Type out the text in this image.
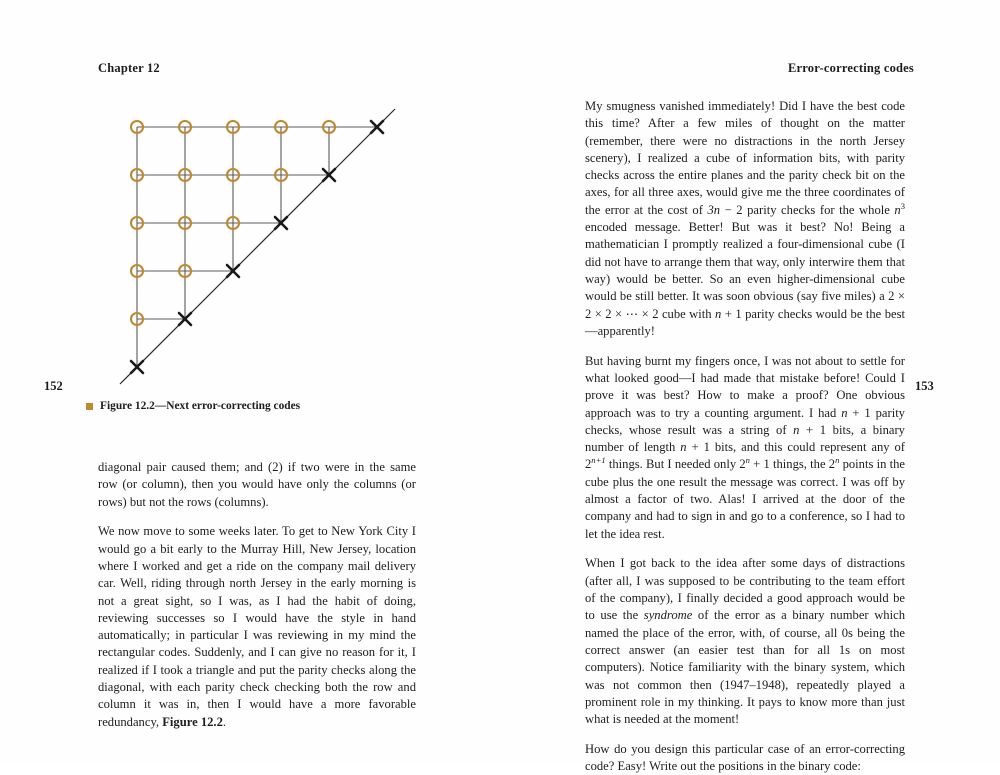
Chapter 12	Error-correcting codes
152	153
Figure 12.2—Next error-correcting codes

diagonal pair caused them; and (2) if two were in the same row (or column), then you would have only the columns (or rows) but not the rows (columns).

We now move to some weeks later. To get to New York City I would go a bit early to the Murray Hill, New Jersey, location where I worked and get a ride on the company mail delivery car. Well, riding through north Jersey in the early morning is not a great sight, so I was, as I had the habit of doing, reviewing successes so I would have the style in hand automatically; in particular I was reviewing in my mind the rectangular codes. Suddenly, and I can give no reason for it, I realized if I took a triangle and put the parity checks along the diagonal, with each parity check checking both the row and column it was in, then I would have a more favorable redundancy, Figure 12.2.

My smugness vanished immediately! Did I have the best code this time? After a few miles of thought on the matter (remember, there were no distractions in the north Jersey scenery), I realized a cube of information bits, with parity checks across the entire planes and the parity check bit on the axes, for all three axes, would give me the three coordinates of the error at the cost of 3n − 2 parity checks for the whole $n^3$ encoded message. Better! But was it best? No! Being a mathematician I promptly realized a four-dimensional cube (I did not have to arrange them that way, only interwire them that way) would be better. So an even higher-dimensional cube would be still better. It was soon obvious (say five miles) a 2 × 2 × 2 × ⋯ × 2 cube with n + 1 parity checks would be the best—apparently!

But having burnt my fingers once, I was not about to settle for what looked good—I had made that mistake before! Could I prove it was best? How to make a proof? One obvious approach was to try a counting argument. I had n + 1 parity checks, whose result was a string of n + 1 bits, a binary number of length n + 1 bits, and this could represent any of $2^{n+1}$ things. But I needed only $2^n + 1$ things, the 2$^n$ points in the cube plus the one result the message was correct. I was off by almost a factor of two. Alas! I arrived at the door of the company and had to sign in and go to a conference, so I had to let the idea rest.

When I got back to the idea after some days of distractions (after all, I was supposed to be contributing to the team effort of the company), I finally decided a good approach would be to use the syndrome of the error as a binary number which named the place of the error, with, of course, all 0s being the correct answer (an easier test than for all 1s on most computers). Notice familiarity with the binary system, which was not common then (1947–1948), repeatedly played a prominent role in my thinking. It pays to know more than just what is needed at the moment!

How do you design this particular case of an error-correcting code? Easy! Write out the positions in the binary code:
